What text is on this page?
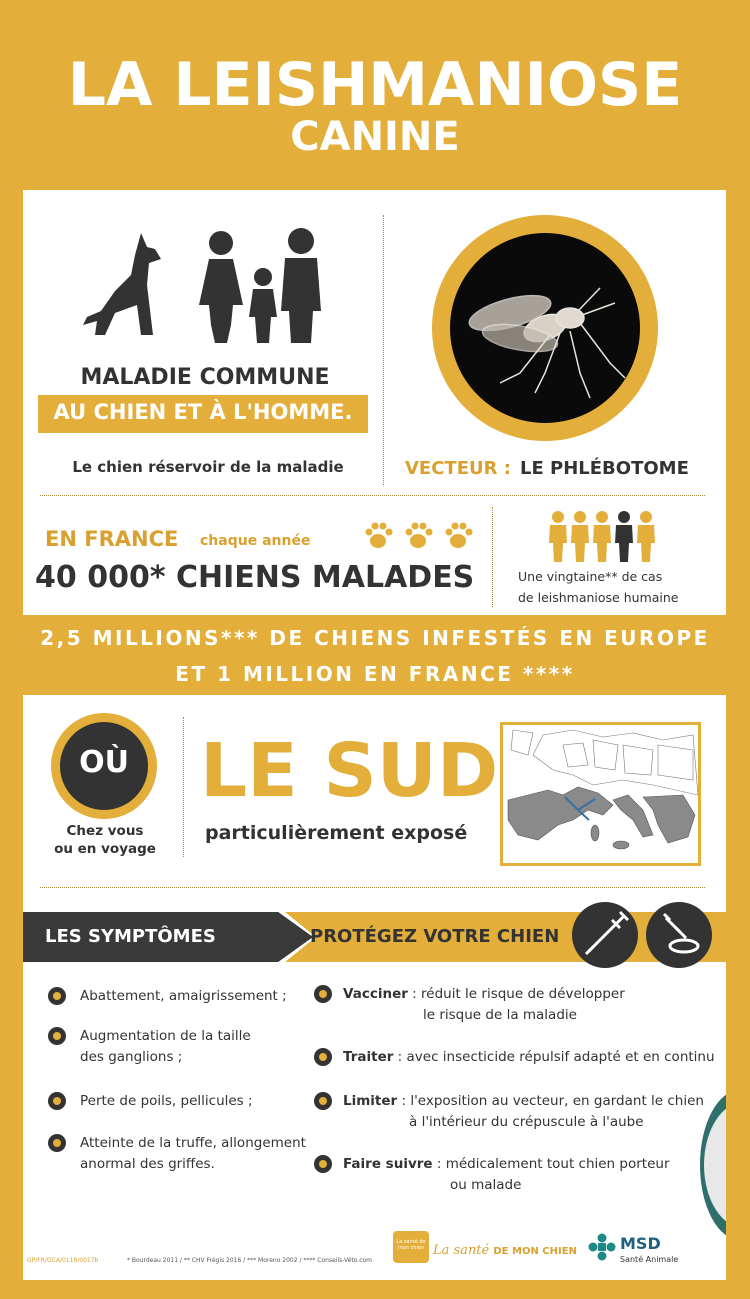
LA LEISHMANIOSE
CANINE
MALADIE COMMUNE
AU CHIEN ET À L'HOMME.
Le chien réservoir de la maladie	VECTEUR : LE PHLÉBOTOME
EN FRANCE chaque année
40 000* CHIENS MALADES	Une vingtaine** de cas
de leishmaniose humaine
2,5 MILLIONS*** DE CHIENS INFESTÉS EN EUROPE
ET 1 MILLION EN FRANCE ****
OÙ
Chez vous
ou en voyage
LE SUD
particulièrement exposé
LES SYMPTÔMES	PROTÉGEZ VOTRE CHIEN
Abattement, amaigrissement ;
Augmentation de la taille
des ganglions ;
Perte de poils, pellicules ;
Atteinte de la truffe, allongement
anormal des griffes.
Vacciner : réduit le risque de développer
le risque de la maladie
Traiter : avec insecticide répulsif adapté et en continu
Limiter : l'exposition au vecteur, en gardant le chien
à l'intérieur du crépuscule à l'aube
Faire suivre : médicalement tout chien porteur
ou malade
GP/FR/OCA/0118/0017b	* Bourdeau 2011 / ** CHV Frégis 2016 / *** Moreno 2002 / **** Conseils-Véto.com
La santé de mon chien La santé DE MON CHIEN	MSD
Santé Animale
